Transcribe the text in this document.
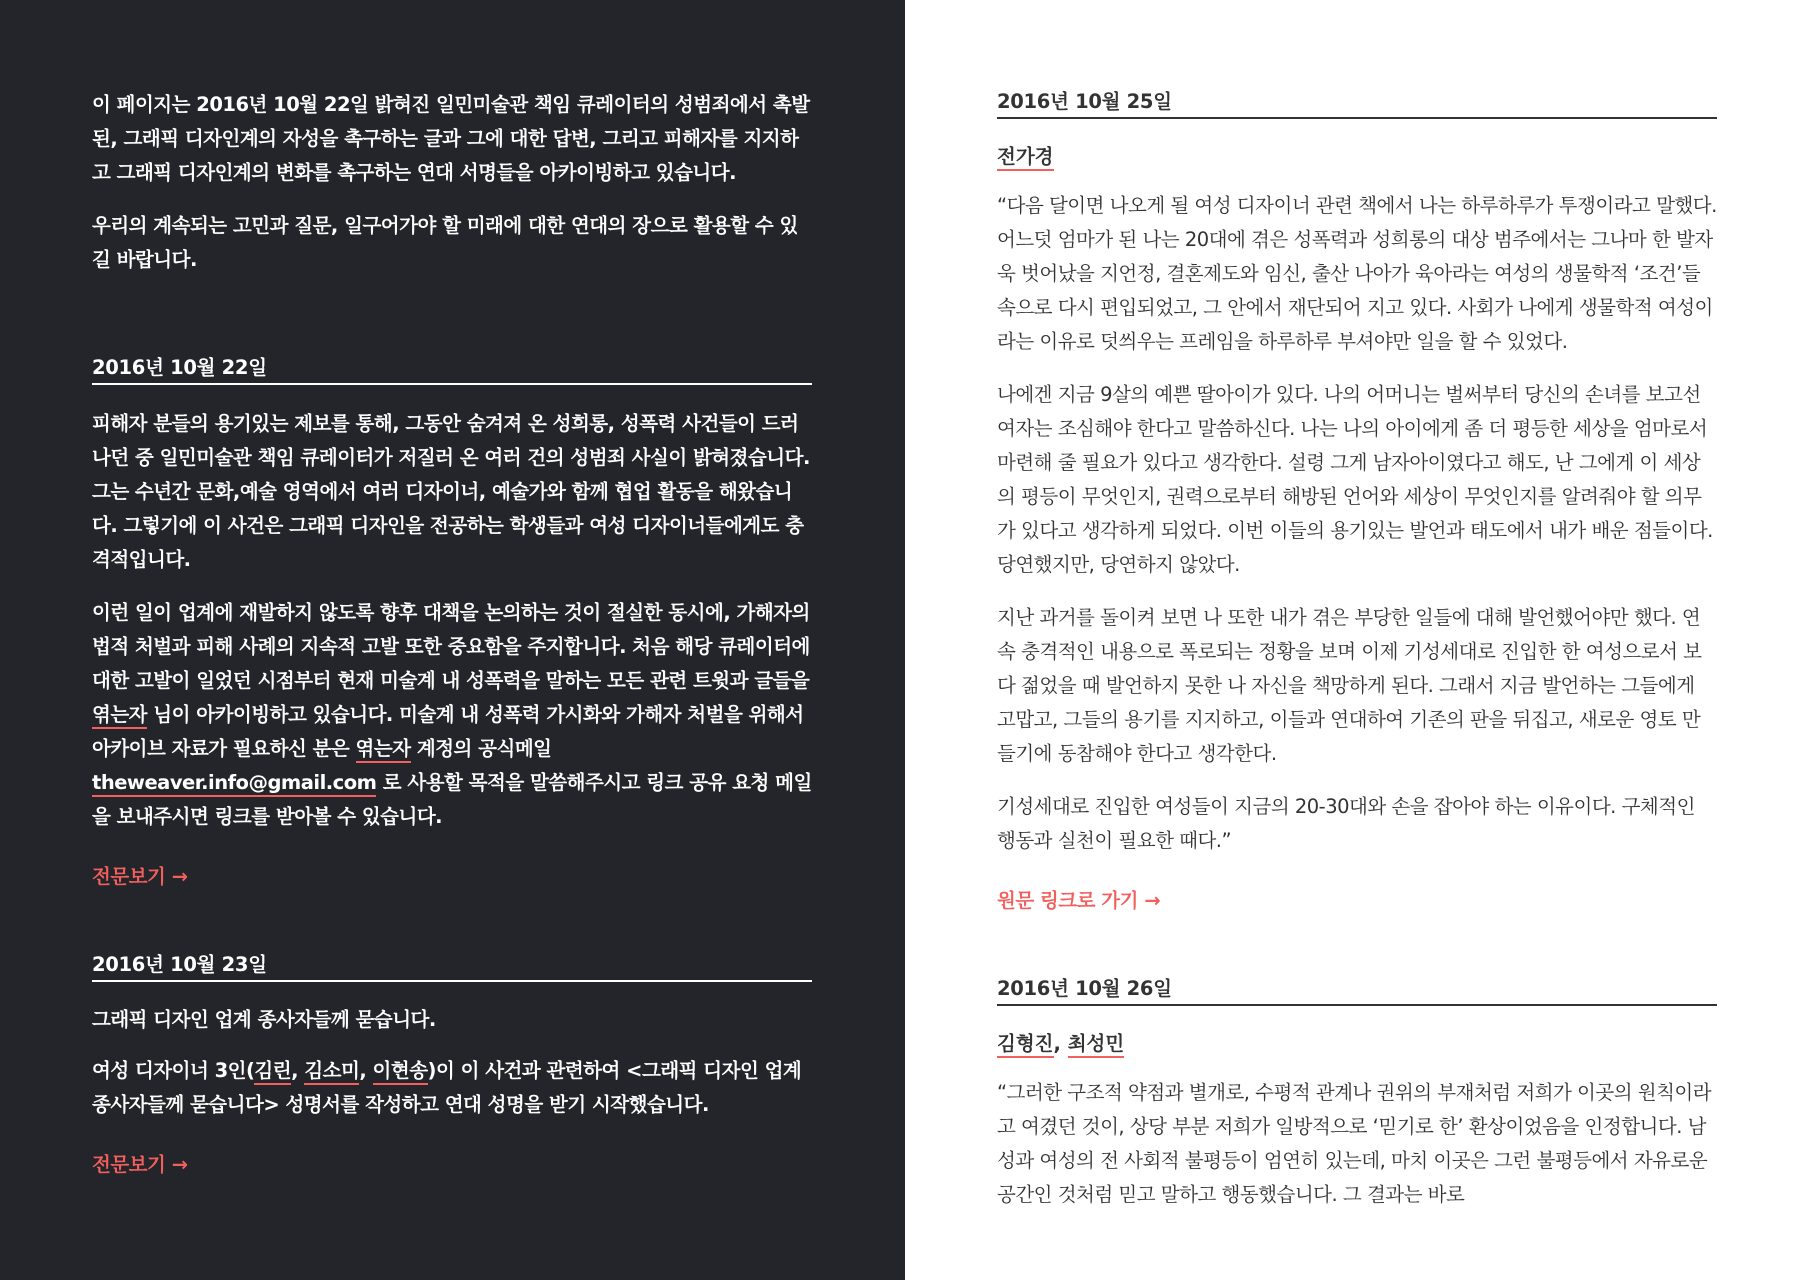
이 페이지는 2016년 10월 22일 밝혀진 일민미술관 책임 큐레이터의 성범죄에서 촉발된, 그래픽 디자인계의 자성을 촉구하는 글과 그에 대한 답변, 그리고 피해자를 지지하고 그래픽 디자인계의 변화를 촉구하는 연대 서명들을 아카이빙하고 있습니다.

우리의 계속되는 고민과 질문, 일구어가야 할 미래에 대한 연대의 장으로 활용할 수 있길 바랍니다.

2016년 10월 22일

피해자 분들의 용기있는 제보를 통해, 그동안 숨겨져 온 성희롱, 성폭력 사건들이 드러나던 중 일민미술관 책임 큐레이터가 저질러 온 여러 건의 성범죄 사실이 밝혀졌습니다. 그는 수년간 문화,예술 영역에서 여러 디자이너, 예술가와 함께 협업 활동을 해왔습니다. 그렇기에 이 사건은 그래픽 디자인을 전공하는 학생들과 여성 디자이너들에게도 충격적입니다.

이런 일이 업계에 재발하지 않도록 향후 대책을 논의하는 것이 절실한 동시에, 가해자의 법적 처벌과 피해 사례의 지속적 고발 또한 중요함을 주지합니다. 처음 해당 큐레이터에 대한 고발이 일었던 시점부터 현재 미술계 내 성폭력을 말하는 모든 관련 트윗과 글들을 엮는자 님이 아카이빙하고 있습니다. 미술계 내 성폭력 가시화와 가해자 처벌을 위해서 아카이브 자료가 필요하신 분은 엮는자 계정의 공식메일 theweaver.info@gmail.com 로 사용할 목적을 말씀해주시고 링크 공유 요청 메일을 보내주시면 링크를 받아볼 수 있습니다.

전문보기 →
2016년 10월 23일
그래픽 디자인 업계 종사자들께 묻습니다.

여성 디자이너 3인(김린, 김소미, 이현송)이 이 사건과 관련하여 <그래픽 디자인 업계 종사자들께 묻습니다> 성명서를 작성하고 연대 성명을 받기 시작했습니다.

전문보기 →
2016년 10월 25일
전가경

“다음 달이면 나오게 될 여성 디자이너 관련 책에서 나는 하루하루가 투쟁이라고 말했다. 어느덧 엄마가 된 나는 20대에 겪은 성폭력과 성희롱의 대상 범주에서는 그나마 한 발자욱 벗어났을 지언정, 결혼제도와 임신, 출산 나아가 육아라는 여성의 생물학적 ‘조건’들 속으로 다시 편입되었고, 그 안에서 재단되어 지고 있다. 사회가 나에게 생물학적 여성이라는 이유로 덧씌우는 프레임을 하루하루 부셔야만 일을 할 수 있었다.

나에겐 지금 9살의 예쁜 딸아이가 있다. 나의 어머니는 벌써부터 당신의 손녀를 보고선 여자는 조심해야 한다고 말씀하신다. 나는 나의 아이에게 좀 더 평등한 세상을 엄마로서 마련해 줄 필요가 있다고 생각한다. 설령 그게 남자아이였다고 해도, 난 그에게 이 세상의 평등이 무엇인지, 권력으로부터 해방된 언어와 세상이 무엇인지를 알려줘야 할 의무가 있다고 생각하게 되었다. 이번 이들의 용기있는 발언과 태도에서 내가 배운 점들이다. 당연했지만, 당연하지 않았다.

지난 과거를 돌이켜 보면 나 또한 내가 겪은 부당한 일들에 대해 발언했어야만 했다. 연속 충격적인 내용으로 폭로되는 정황을 보며 이제 기성세대로 진입한 한 여성으로서 보다 젊었을 때 발언하지 못한 나 자신을 책망하게 된다. 그래서 지금 발언하는 그들에게 고맙고, 그들의 용기를 지지하고, 이들과 연대하여 기존의 판을 뒤집고, 새로운 영토 만들기에 동참해야 한다고 생각한다.

기성세대로 진입한 여성들이 지금의 20-30대와 손을 잡아야 하는 이유이다. 구체적인 행동과 실천이 필요한 때다.”

원문 링크로 가기 →
2016년 10월 26일
김형진, 최성민

“그러한 구조적 약점과 별개로, 수평적 관계나 권위의 부재처럼 저희가 이곳의 원칙이라고 여겼던 것이, 상당 부분 저희가 일방적으로 ‘믿기로 한’ 환상이었음을 인정합니다. 남성과 여성의 전 사회적 불평등이 엄연히 있는데, 마치 이곳은 그런 불평등에서 자유로운 공간인 것처럼 믿고 말하고 행동했습니다. 그 결과는 바로
